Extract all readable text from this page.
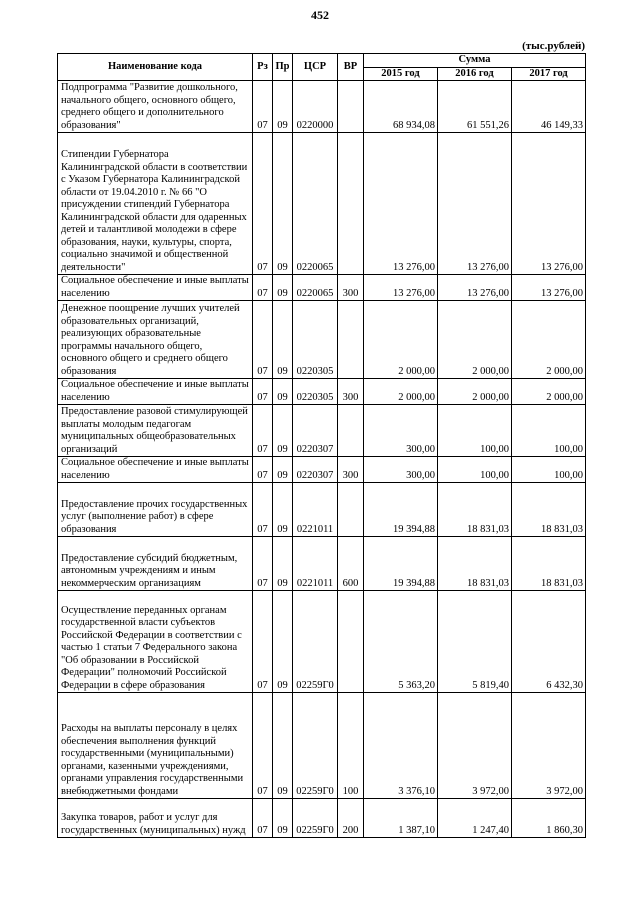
452
(тыс.рублей)
Наименование кода	Рз	Пр	ЦСР	ВР	Сумма		
					2015 год	2016 год	2017 год
Подпрограмма "Развитие дошкольного, начального общего, основного общего, среднего общего и дополнительного образования"	07	09	0220000		68 934,08	61 551,26	46 149,33
Стипендии Губернатора Калининградской области в соответствии с Указом Губернатора Калининградской области от 19.04.2010 г. № 66 "О присуждении стипендий Губернатора Калининградской области для одаренных детей и талантливой молодежи в сфере образования, науки, культуры, спорта, социально значимой и общественной деятельности"	07	09	0220065		13 276,00	13 276,00	13 276,00
Социальное обеспечение и иные выплаты населению	07	09	0220065	300	13 276,00	13 276,00	13 276,00
Денежное поощрение лучших учителей образовательных организаций, реализующих образовательные программы начального общего, основного общего и среднего общего образования	07	09	0220305		2 000,00	2 000,00	2 000,00
Социальное обеспечение и иные выплаты населению	07	09	0220305	300	2 000,00	2 000,00	2 000,00
Предоставление разовой стимулирующей выплаты молодым педагогам муниципальных общеобразовательных организаций	07	09	0220307		300,00	100,00	100,00
Социальное обеспечение и иные выплаты населению	07	09	0220307	300	300,00	100,00	100,00
Предоставление прочих государственных услуг (выполнение работ) в сфере образования	07	09	0221011		19 394,88	18 831,03	18 831,03
Предоставление субсидий бюджетным, автономным учреждениям и иным некоммерческим организациям	07	09	0221011	600	19 394,88	18 831,03	18 831,03
Осуществление переданных органам государственной власти субъектов Российской Федерации в соответствии с частью 1 статьи 7 Федерального закона "Об образовании в Российской Федерации" полномочий Российской Федерации в сфере образования	07	09	02259Г0		5 363,20	5 819,40	6 432,30
Расходы на выплаты персоналу в целях обеспечения выполнения функций государственными (муниципальными) органами, казенными учреждениями, органами управления государственными внебюджетными фондами	07	09	02259Г0	100	3 376,10	3 972,00	3 972,00
Закупка товаров, работ и услуг для государственных (муниципальных) нужд	07	09	02259Г0	200	1 387,10	1 247,40	1 860,30
